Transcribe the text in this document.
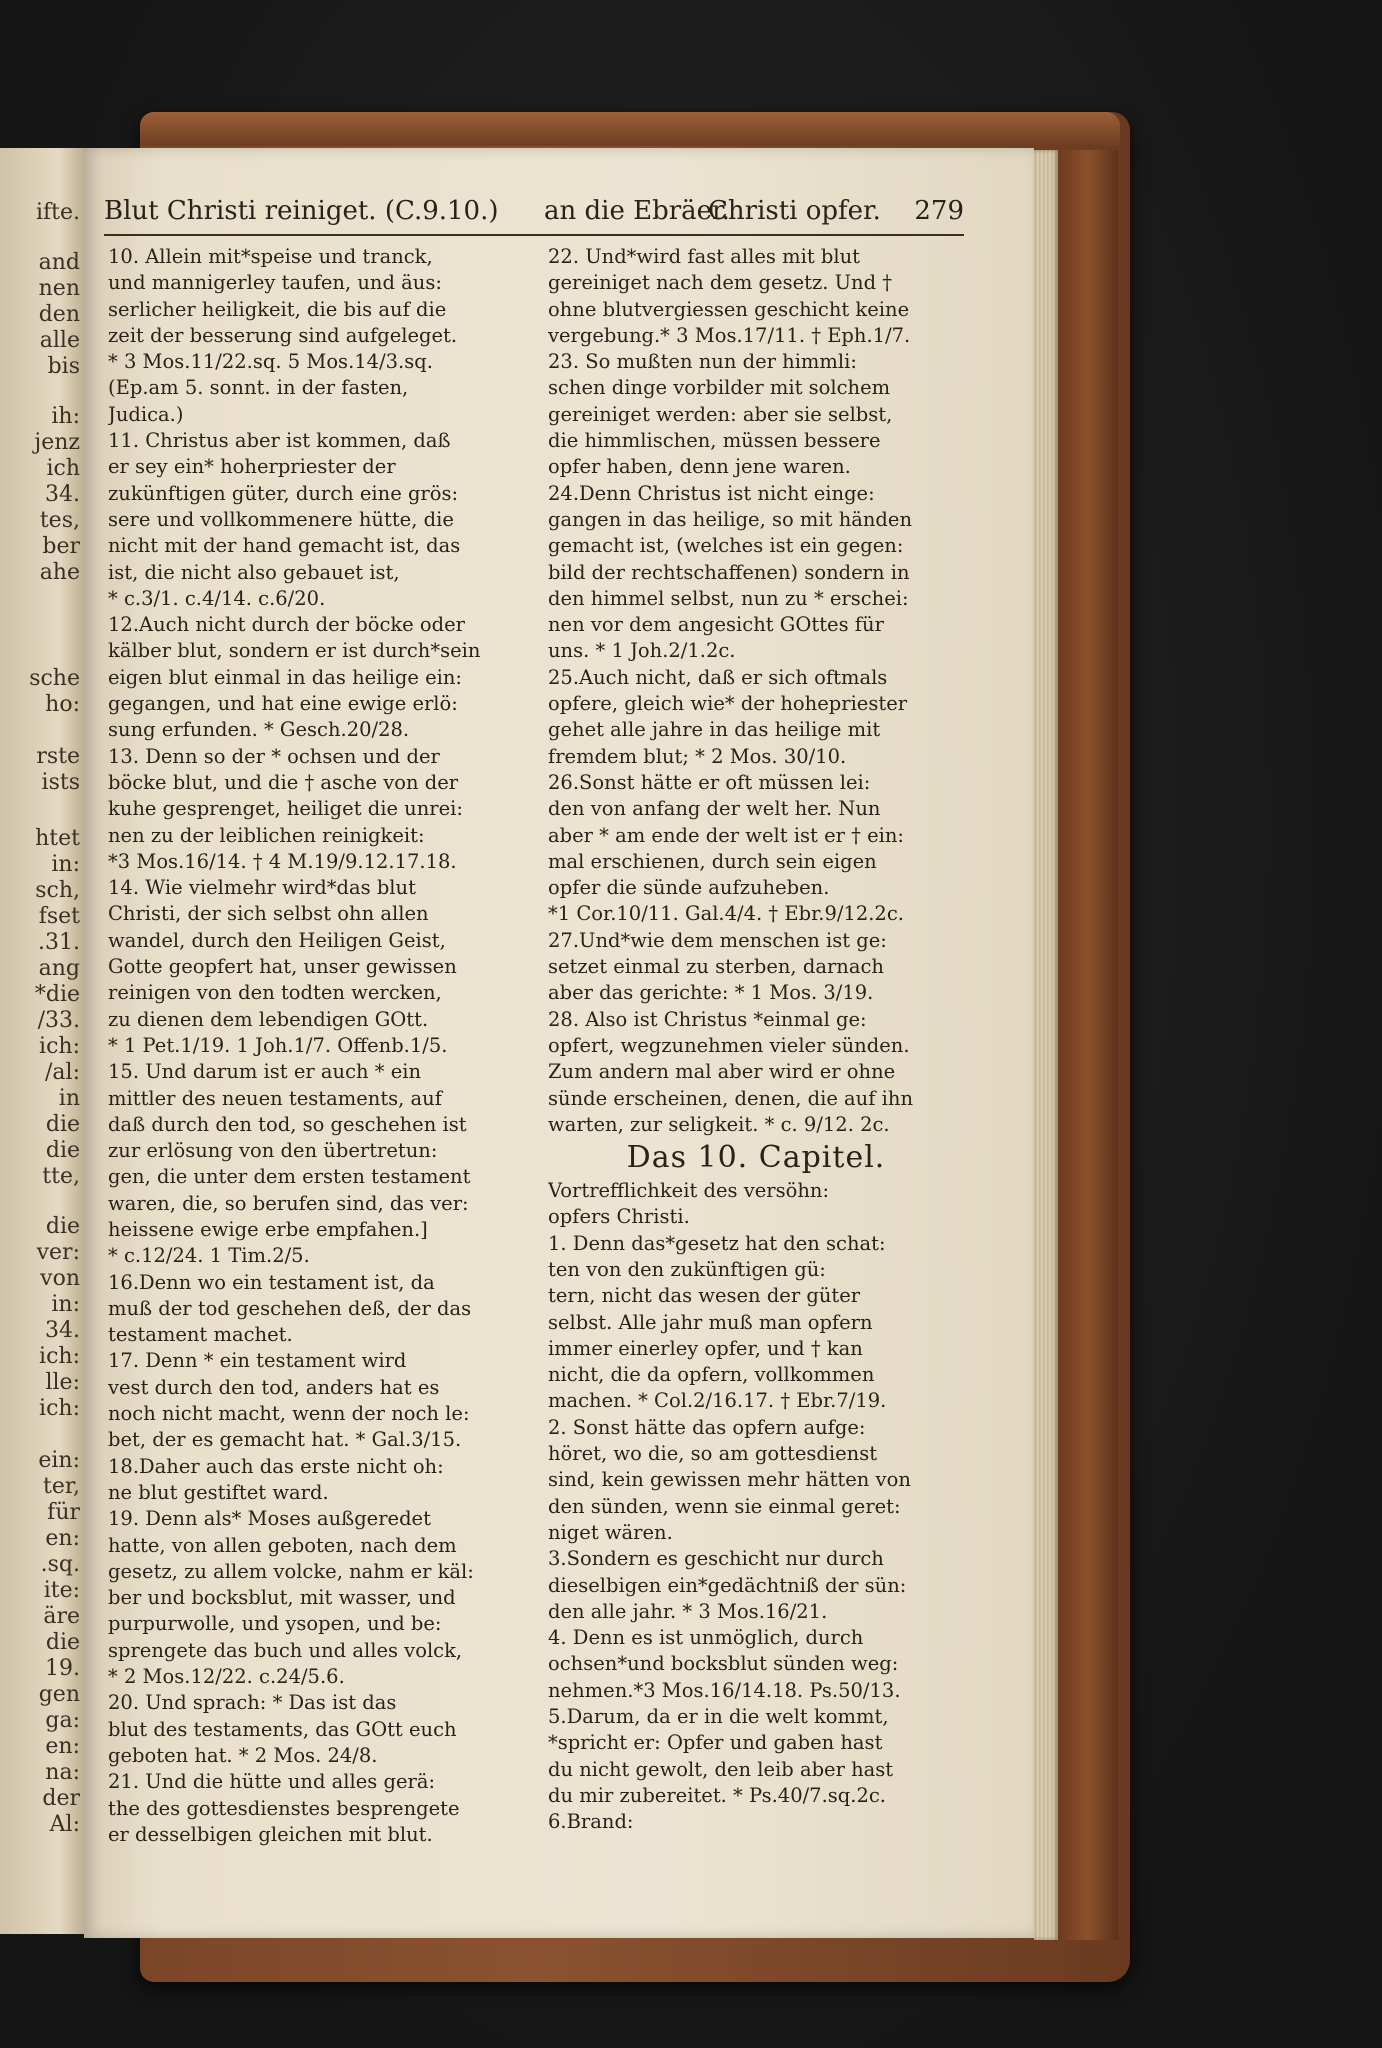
ifte.
and
nen
den
alle
bis
ih:
jenz
ich
34.
tes,
ber
ahe
sche
ho:
rste
ists
htet
in:
sch,
fset
.31.
ang
*die
/33.
ich:
/al:
in
die
die
tte,
die
ver:
von
in:
34.
ich:
lle:
ich:
ein:
ter,
für
en:
.sq.
ite:
äre
die
19.
gen
ga:
en:
na:
der
Al:
Blut Christi reiniget. (C.9.10.) an die Ebräer.
Christi opfer. 279
10. Allein mit*speise und tranck,
und mannigerley taufen, und äus:
serlicher heiligkeit, die bis auf die
zeit der besserung sind aufgeleget.
* 3 Mos.11/22.sq. 5 Mos.14/3.sq.
(Ep.am 5. sonnt. in der fasten,
Judica.)
11. Christus aber ist kommen, daß
er sey ein* hoherpriester der
zukünftigen güter, durch eine grös:
sere und vollkommenere hütte, die
nicht mit der hand gemacht ist, das
ist, die nicht also gebauet ist,
* c.3/1. c.4/14. c.6/20.
12.Auch nicht durch der böcke oder
kälber blut, sondern er ist durch*sein
eigen blut einmal in das heilige ein:
gegangen, und hat eine ewige erlö:
sung erfunden. * Gesch.20/28.
13. Denn so der * ochsen und der
böcke blut, und die † asche von der
kuhe gesprenget, heiliget die unrei:
nen zu der leiblichen reinigkeit:
*3 Mos.16/14. † 4 M.19/9.12.17.18.
14. Wie vielmehr wird*das blut
Christi, der sich selbst ohn allen
wandel, durch den Heiligen Geist,
Gotte geopfert hat, unser gewissen
reinigen von den todten wercken,
zu dienen dem lebendigen GOtt.
* 1 Pet.1/19. 1 Joh.1/7. Offenb.1/5.
15. Und darum ist er auch * ein
mittler des neuen testaments, auf
daß durch den tod, so geschehen ist
zur erlösung von den übertretun:
gen, die unter dem ersten testament
waren, die, so berufen sind, das ver:
heissene ewige erbe empfahen.]
* c.12/24. 1 Tim.2/5.
16.Denn wo ein testament ist, da
muß der tod geschehen deß, der das
testament machet.
17. Denn * ein testament wird
vest durch den tod, anders hat es
noch nicht macht, wenn der noch le:
bet, der es gemacht hat. * Gal.3/15.
18.Daher auch das erste nicht oh:
ne blut gestiftet ward.
19. Denn als* Moses außgeredet
hatte, von allen geboten, nach dem
gesetz, zu allem volcke, nahm er käl:
ber und bocksblut, mit wasser, und
purpurwolle, und ysopen, und be:
sprengete das buch und alles volck,
* 2 Mos.12/22. c.24/5.6.
20. Und sprach: * Das ist das
blut des testaments, das GOtt euch
geboten hat. * 2 Mos. 24/8.
21. Und die hütte und alles gerä:
the des gottesdienstes besprengete
er desselbigen gleichen mit blut.
22. Und*wird fast alles mit blut
gereiniget nach dem gesetz. Und †
ohne blutvergiessen geschicht keine
vergebung.* 3 Mos.17/11. † Eph.1/7.
23. So mußten nun der himmli:
schen dinge vorbilder mit solchem
gereiniget werden: aber sie selbst,
die himmlischen, müssen bessere
opfer haben, denn jene waren.
24.Denn Christus ist nicht einge:
gangen in das heilige, so mit händen
gemacht ist, (welches ist ein gegen:
bild der rechtschaffenen) sondern in
den himmel selbst, nun zu * erschei:
nen vor dem angesicht GOttes für
uns. * 1 Joh.2/1.2c.
25.Auch nicht, daß er sich oftmals
opfere, gleich wie* der hohepriester
gehet alle jahre in das heilige mit
fremdem blut; * 2 Mos. 30/10.
26.Sonst hätte er oft müssen lei:
den von anfang der welt her. Nun
aber * am ende der welt ist er † ein:
mal erschienen, durch sein eigen
opfer die sünde aufzuheben.
*1 Cor.10/11. Gal.4/4. † Ebr.9/12.2c.
27.Und*wie dem menschen ist ge:
setzet einmal zu sterben, darnach
aber das gerichte: * 1 Mos. 3/19.
28. Also ist Christus *einmal ge:
opfert, wegzunehmen vieler sünden.
Zum andern mal aber wird er ohne
sünde erscheinen, denen, die auf ihn
warten, zur seligkeit. * c. 9/12. 2c.
Das 10. Capitel.
Vortrefflichkeit des versöhn:
opfers Christi.
1. Denn das*gesetz hat den schat:
ten von den zukünftigen gü:
tern, nicht das wesen der güter
selbst. Alle jahr muß man opfern
immer einerley opfer, und † kan
nicht, die da opfern, vollkommen
machen. * Col.2/16.17. † Ebr.7/19.
2. Sonst hätte das opfern aufge:
höret, wo die, so am gottesdienst
sind, kein gewissen mehr hätten von
den sünden, wenn sie einmal geret:
niget wären.
3.Sondern es geschicht nur durch
dieselbigen ein*gedächtniß der sün:
den alle jahr. * 3 Mos.16/21.
4. Denn es ist unmöglich, durch
ochsen*und bocksblut sünden weg:
nehmen.*3 Mos.16/14.18. Ps.50/13.
5.Darum, da er in die welt kommt,
*spricht er: Opfer und gaben hast
du nicht gewolt, den leib aber hast
du mir zubereitet. * Ps.40/7.sq.2c.
6.Brand:
